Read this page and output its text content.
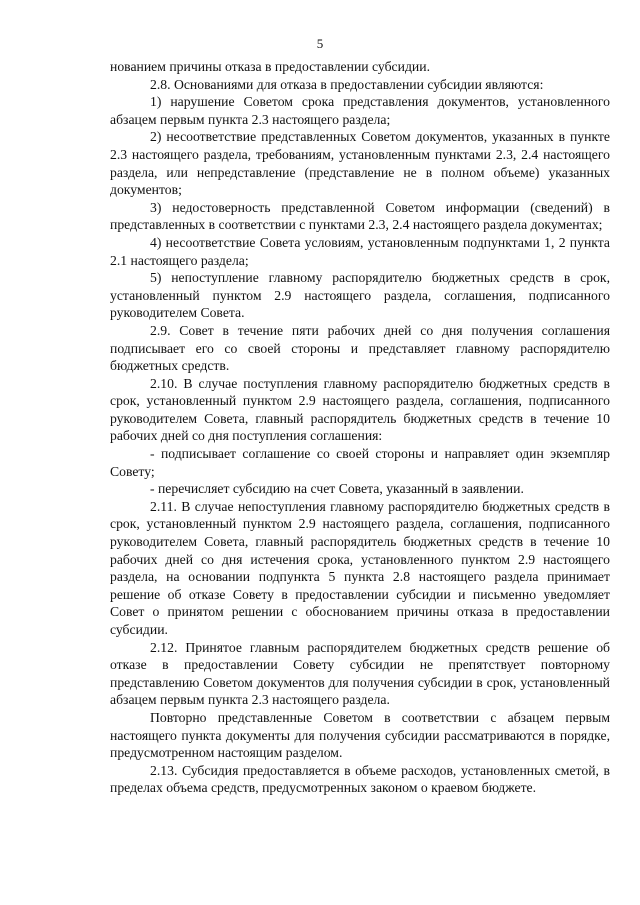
5

нованием причины отказа в предоставлении субсидии.

2.8. Основаниями для отказа в предоставлении субсидии являются:

1) нарушение Советом срока представления документов, установленного абзацем первым пункта 2.3 настоящего раздела;

2) несоответствие представленных Советом документов, указанных в пункте 2.3 настоящего раздела, требованиям, установленным пунктами 2.3, 2.4 настоящего раздела, или непредставление (представление не в полном объеме) указанных документов;

3) недостоверность представленной Советом информации (сведений) в представленных в соответствии с пунктами 2.3, 2.4 настоящего раздела документах;

4) несоответствие Совета условиям, установленным подпунктами 1, 2 пункта 2.1 настоящего раздела;

5) непоступление главному распорядителю бюджетных средств в срок, установленный пунктом 2.9 настоящего раздела, соглашения, подписанного руководителем Совета.

2.9. Совет в течение пяти рабочих дней со дня получения соглашения подписывает его со своей стороны и представляет главному распорядителю бюджетных средств.

2.10. В случае поступления главному распорядителю бюджетных средств в срок, установленный пунктом 2.9 настоящего раздела, соглашения, подписанного руководителем Совета, главный распорядитель бюджетных средств в течение 10 рабочих дней со дня поступления соглашения:

- подписывает соглашение со своей стороны и направляет один экземпляр Совету;

- перечисляет субсидию на счет Совета, указанный в заявлении.

2.11. В случае непоступления главному распорядителю бюджетных средств в срок, установленный пунктом 2.9 настоящего раздела, соглашения, подписанного руководителем Совета, главный распорядитель бюджетных средств в течение 10 рабочих дней со дня истечения срока, установленного пунктом 2.9 настоящего раздела, на основании подпункта 5 пункта 2.8 настоящего раздела принимает решение об отказе Совету в предоставлении субсидии и письменно уведомляет Совет о принятом решении с обоснованием причины отказа в предоставлении субсидии.

2.12. Принятое главным распорядителем бюджетных средств решение об отказе в предоставлении Совету субсидии не препятствует повторному представлению Советом документов для получения субсидии в срок, установленный абзацем первым пункта 2.3 настоящего раздела.

Повторно представленные Советом в соответствии с абзацем первым настоящего пункта документы для получения субсидии рассматриваются в порядке, предусмотренном настоящим разделом.

2.13. Субсидия предоставляется в объеме расходов, установленных сметой, в пределах объема средств, предусмотренных законом о краевом бюджете.
